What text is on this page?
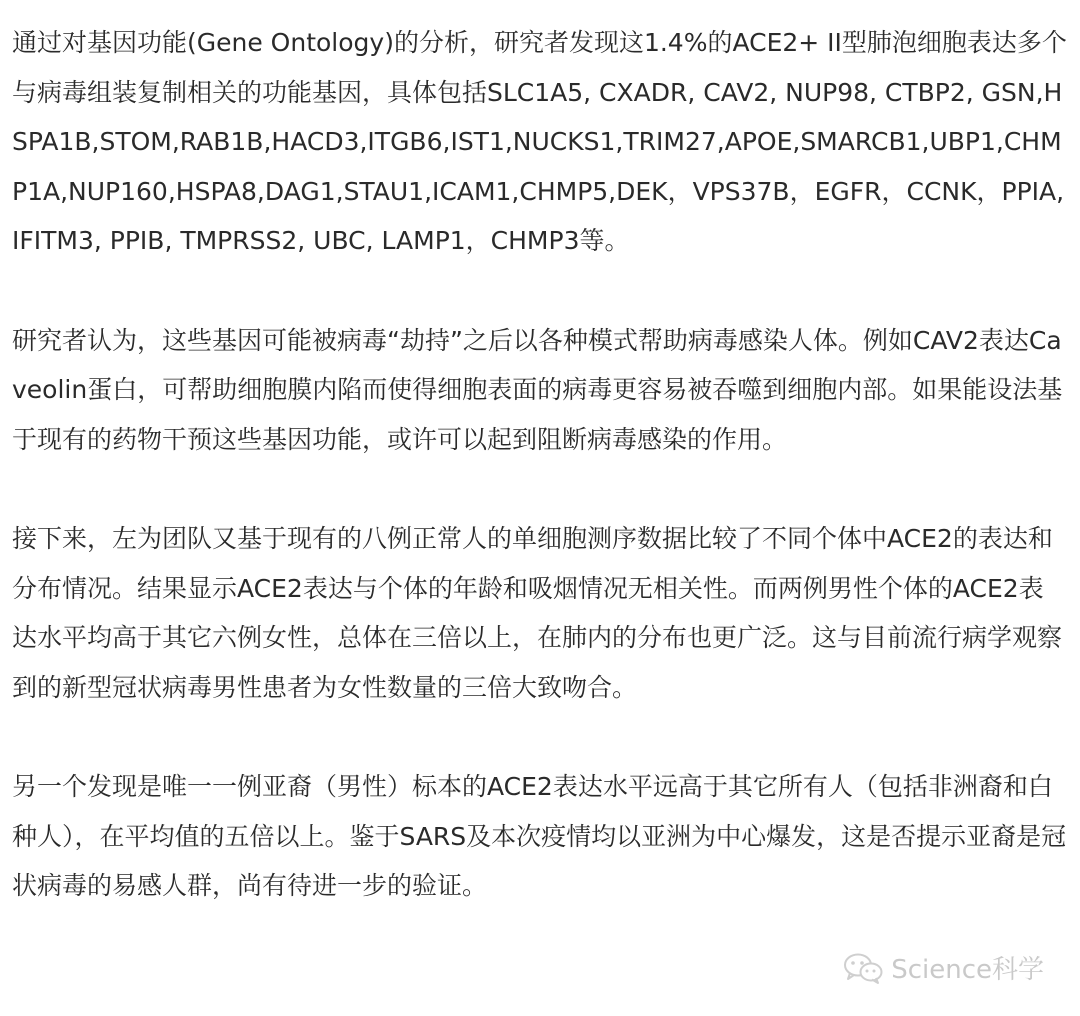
通过对基因功能(Gene Ontology)的分析，研究者发现这1.4%的ACE2+ II型肺泡细胞表达多个与病毒组装复制相关的功能基因，具体包括SLC1A5, CXADR, CAV2, NUP98, CTBP2, GSN,HSPA1B,STOM,RAB1B,HACD3,ITGB6,IST1,NUCKS1,TRIM27,APOE,SMARCB1,UBP1,CHMP1A,NUP160,HSPA8,DAG1,STAU1,ICAM1,CHMP5,DEK，VPS37B，EGFR，CCNK，PPIA, IFITM3, PPIB, TMPRSS2, UBC, LAMP1，CHMP3等。

研究者认为，这些基因可能被病毒“劫持”之后以各种模式帮助病毒感染人体。例如CAV2表达Caveolin蛋白，可帮助细胞膜内陷而使得细胞表面的病毒更容易被吞噬到细胞内部。如果能设法基于现有的药物干预这些基因功能，或许可以起到阻断病毒感染的作用。

接下来，左为团队又基于现有的八例正常人的单细胞测序数据比较了不同个体中ACE2的表达和分布情况。结果显示ACE2表达与个体的年龄和吸烟情况无相关性。而两例男性个体的ACE2表达水平均高于其它六例女性，总体在三倍以上，在肺内的分布也更广泛。这与目前流行病学观察到的新型冠状病毒男性患者为女性数量的三倍大致吻合。

另一个发现是唯一一例亚裔（男性）标本的ACE2表达水平远高于其它所有人（包括非洲裔和白种人），在平均值的五倍以上。鉴于SARS及本次疫情均以亚洲为中心爆发，这是否提示亚裔是冠状病毒的易感人群，尚有待进一步的验证。

Science科学
